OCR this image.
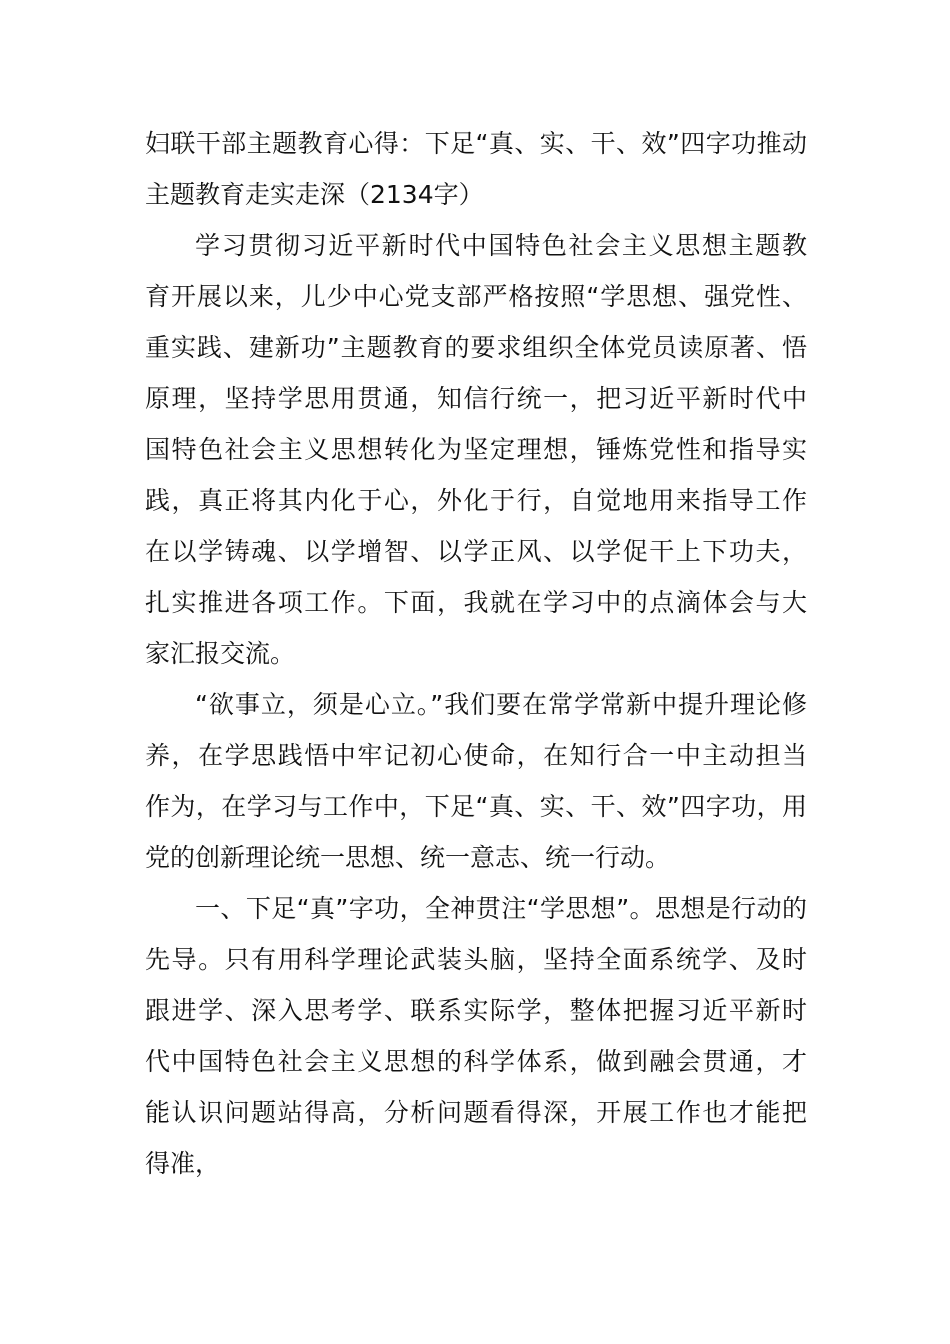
妇联干部主题教育心得：下足“真、实、干、效”四字功推动
主题教育走实走深（2134字）
学习贯彻习近平新时代中国特色社会主义思想主题教
育开展以来，儿少中心党支部严格按照“学思想、强党性、
重实践、建新功”主题教育的要求组织全体党员读原著、悟
原理，坚持学思用贯通，知信行统一，把习近平新时代中
国特色社会主义思想转化为坚定理想，锤炼党性和指导实
践，真正将其内化于心，外化于行，自觉地用来指导工作
在以学铸魂、以学增智、以学正风、以学促干上下功夫，
扎实推进各项工作。下面，我就在学习中的点滴体会与大
家汇报交流。
“欲事立，须是心立。”我们要在常学常新中提升理论修
养，在学思践悟中牢记初心使命，在知行合一中主动担当
作为，在学习与工作中，下足“真、实、干、效”四字功，用
党的创新理论统一思想、统一意志、统一行动。
一、下足“真”字功，全神贯注“学思想”。思想是行动的
先导。只有用科学理论武装头脑，坚持全面系统学、及时
跟进学、深入思考学、联系实际学，整体把握习近平新时
代中国特色社会主义思想的科学体系，做到融会贯通，才
能认识问题站得高，分析问题看得深，开展工作也才能把
得准，
